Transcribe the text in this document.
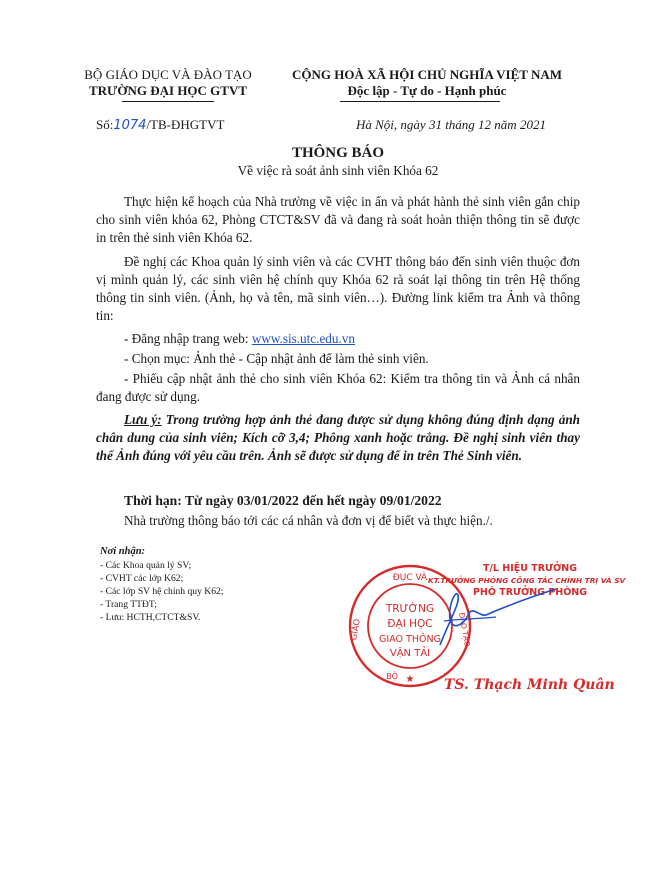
BỘ GIÁO DỤC VÀ ĐÀO TẠO
TRƯỜNG ĐẠI HỌC GTVT
CỘNG HOÀ XÃ HỘI CHỦ NGHĨA VIỆT NAM
Độc lập - Tự do - Hạnh phúc
Số:1074/TB-ĐHGTVT	Hà Nội, ngày 31 tháng 12 năm 2021
THÔNG BÁO
Về việc rà soát ảnh sinh viên Khóa 62
Thực hiện kế hoạch của Nhà trường về việc in ấn và phát hành thẻ sinh viên gắn chip cho sinh viên khóa 62, Phòng CTCT&SV đã và đang rà soát hoàn thiện thông tin sẽ được in trên thẻ sinh viên Khóa 62.
Đề nghị các Khoa quản lý sinh viên và các CVHT thông báo đến sinh viên thuộc đơn vị mình quản lý, các sinh viên hệ chính quy Khóa 62 rà soát lại thông tin trên Hệ thống thông tin sinh viên. (Ảnh, họ và tên, mã sinh viên…). Đường link kiểm tra Ảnh và thông tin:
- Đăng nhập trang web: www.sis.utc.edu.vn
- Chọn mục: Ảnh thẻ - Cập nhật ảnh để làm thẻ sinh viên.
- Phiếu cập nhật ảnh thẻ cho sinh viên Khóa 62: Kiểm tra thông tin và Ảnh cá nhân đang được sử dụng.
Lưu ý: Trong trường hợp ảnh thẻ đang được sử dụng không đúng định dạng ảnh chân dung của sinh viên; Kích cỡ 3,4; Phông xanh hoặc trắng. Đề nghị sinh viên thay thế Ảnh đúng với yêu cầu trên. Ảnh sẽ được sử dụng để in trên Thẻ Sinh viên.
Thời hạn: Từ ngày 03/01/2022 đến hết ngày 09/01/2022
Nhà trường thông báo tới các cá nhân và đơn vị để biết và thực hiện./.
Nơi nhận:
- Các Khoa quản lý SV;
- CVHT các lớp K62;
- Các lớp SV hệ chính quy K62;
- Trang TTĐT;
- Lưu: HCTH,CTCT&SV.
T/L HIỆU TRƯỞNG
KT.TRƯỞNG PHÒNG CÔNG TÁC CHÍNH TRỊ VÀ SV
PHÓ TRƯỞNG PHÒNG
ĐỤC VÀ
GIÁO	ĐÀO TẠO
BỘ ★
TRƯỜNG
ĐẠI HỌC
GIAO THÔNG
VẬN TẢI
TS. Thạch Minh Quân
